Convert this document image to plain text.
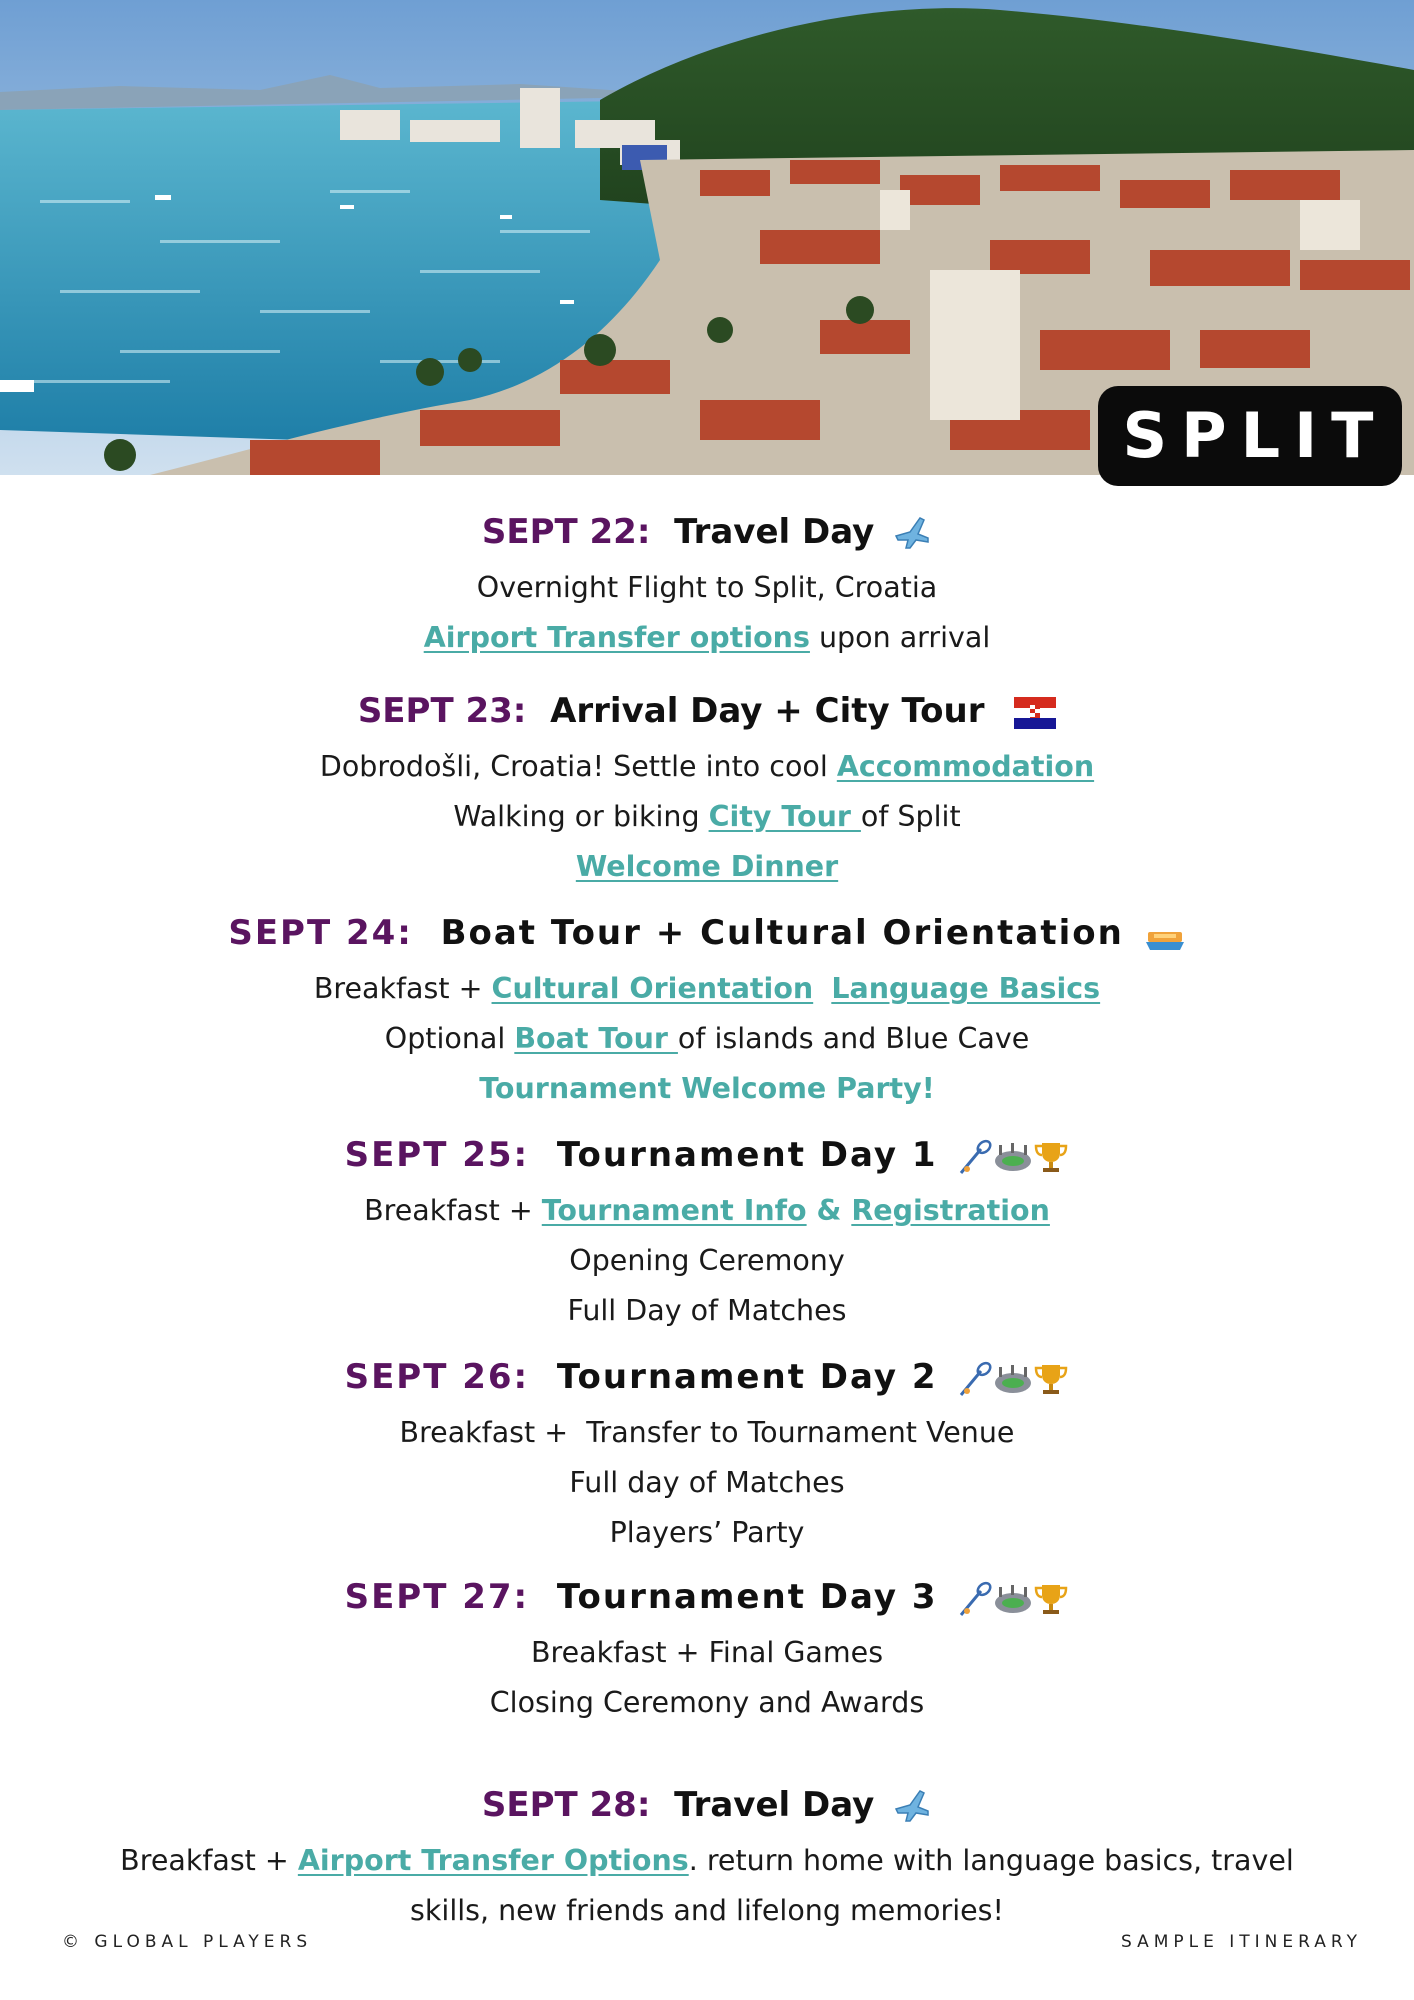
SPLIT
SEPT 22: Travel Day
Overnight Flight to Split, Croatia
Airport Transfer options upon arrival
SEPT 23: Arrival Day + City Tour
Dobrodošli, Croatia! Settle into cool Accommodation
Walking or biking City Tour of Split
Welcome Dinner
SEPT 24: Boat Tour + Cultural Orientation
Breakfast + Cultural Orientation Language Basics
Optional Boat Tour of islands and Blue Cave
Tournament Welcome Party!
SEPT 25: Tournament Day 1
Breakfast + Tournament Info & Registration
Opening Ceremony
Full Day of Matches
SEPT 26: Tournament Day 2
Breakfast +  Transfer to Tournament Venue
Full day of Matches
Players’ Party
SEPT 27: Tournament Day 3
Breakfast + Final Games
Closing Ceremony and Awards
SEPT 28: Travel Day
Breakfast + Airport Transfer Options. return home with language basics, travel
skills, new friends and lifelong memories!
© GLOBAL PLAYERS	SAMPLE ITINERARY
